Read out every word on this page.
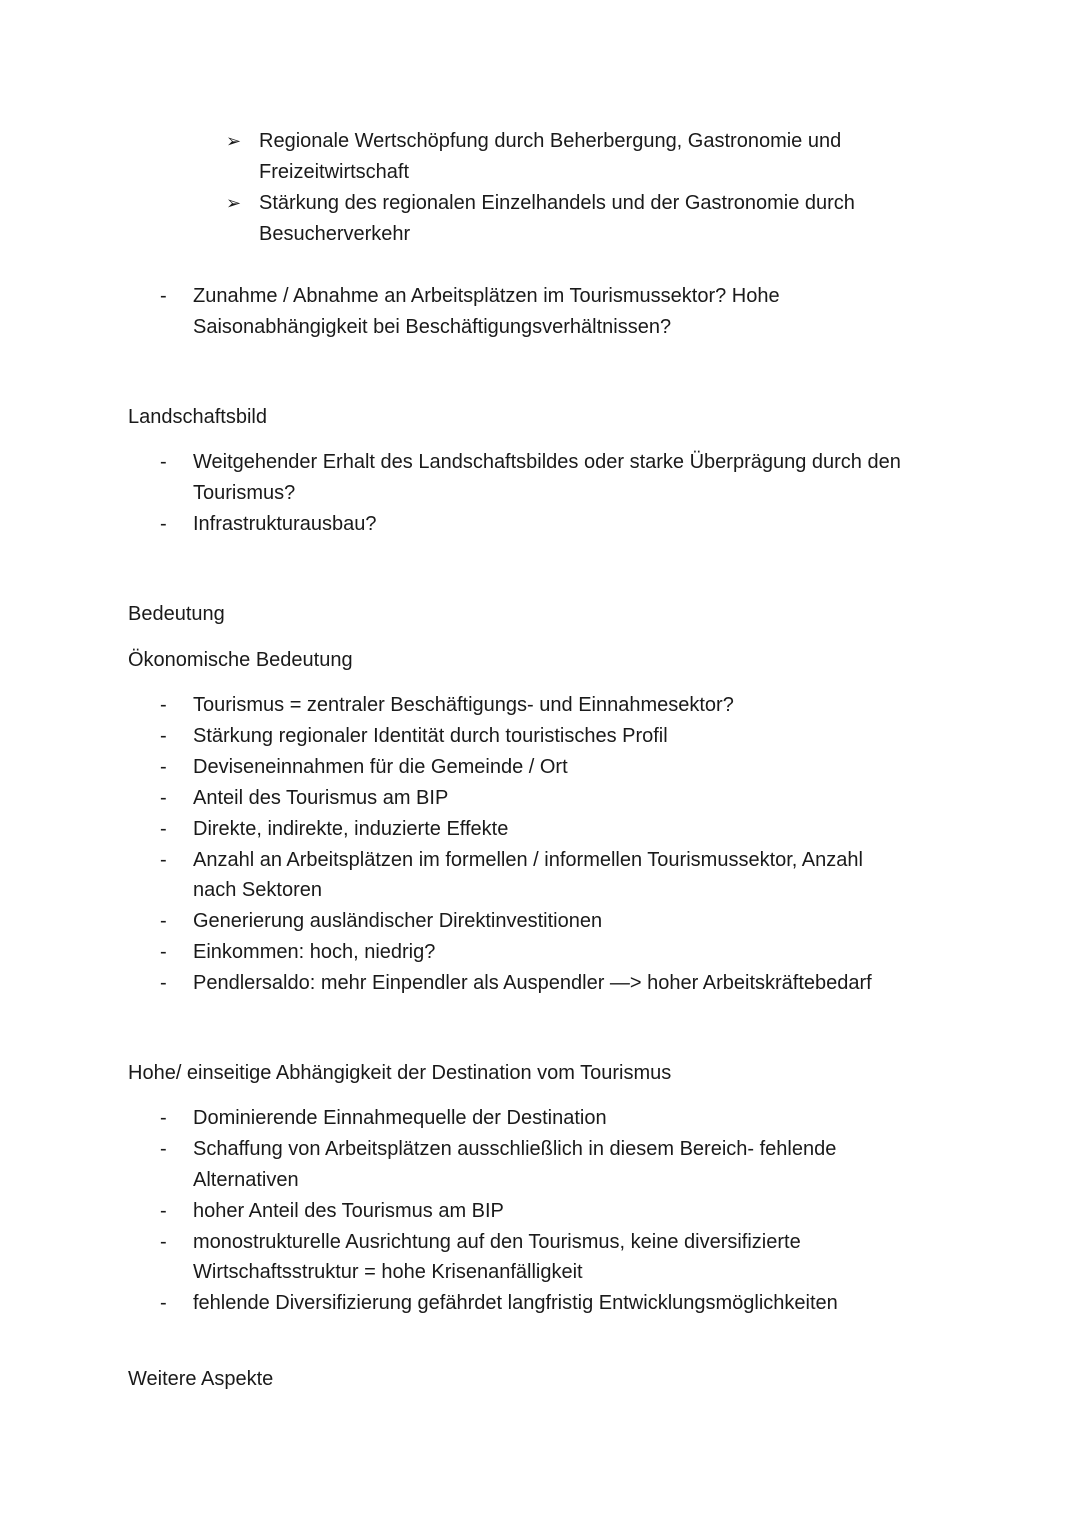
➢ Regionale Wertschöpfung durch Beherbergung, Gastronomie und
Freizeitwirtschaft
➢ Stärkung des regionalen Einzelhandels und der Gastronomie durch
Besucherverkehr
- Zunahme / Abnahme an Arbeitsplätzen im Tourismussektor? Hohe
Saisonabhängigkeit bei Beschäftigungsverhältnissen?
Landschaftsbild
- Weitgehender Erhalt des Landschaftsbildes oder starke Überprägung durch den
Tourismus?
- Infrastrukturausbau?
Bedeutung
Ökonomische Bedeutung
- Tourismus = zentraler Beschäftigungs- und Einnahmesektor?
- Stärkung regionaler Identität durch touristisches Profil
- Deviseneinnahmen für die Gemeinde / Ort
- Anteil des Tourismus am BIP
- Direkte, indirekte, induzierte Effekte
- Anzahl an Arbeitsplätzen im formellen / informellen Tourismussektor, Anzahl
nach Sektoren
- Generierung ausländischer Direktinvestitionen
- Einkommen: hoch, niedrig?
- Pendlersaldo: mehr Einpendler als Auspendler —> hoher Arbeitskräftebedarf
Hohe/ einseitige Abhängigkeit der Destination vom Tourismus
- Dominierende Einnahmequelle der Destination
- Schaffung von Arbeitsplätzen ausschließlich in diesem Bereich- fehlende
Alternativen
- hoher Anteil des Tourismus am BIP
- monostrukturelle Ausrichtung auf den Tourismus, keine diversifizierte
Wirtschaftsstruktur = hohe Krisenanfälligkeit
- fehlende Diversifizierung gefährdet langfristig Entwicklungsmöglichkeiten
Weitere Aspekte
